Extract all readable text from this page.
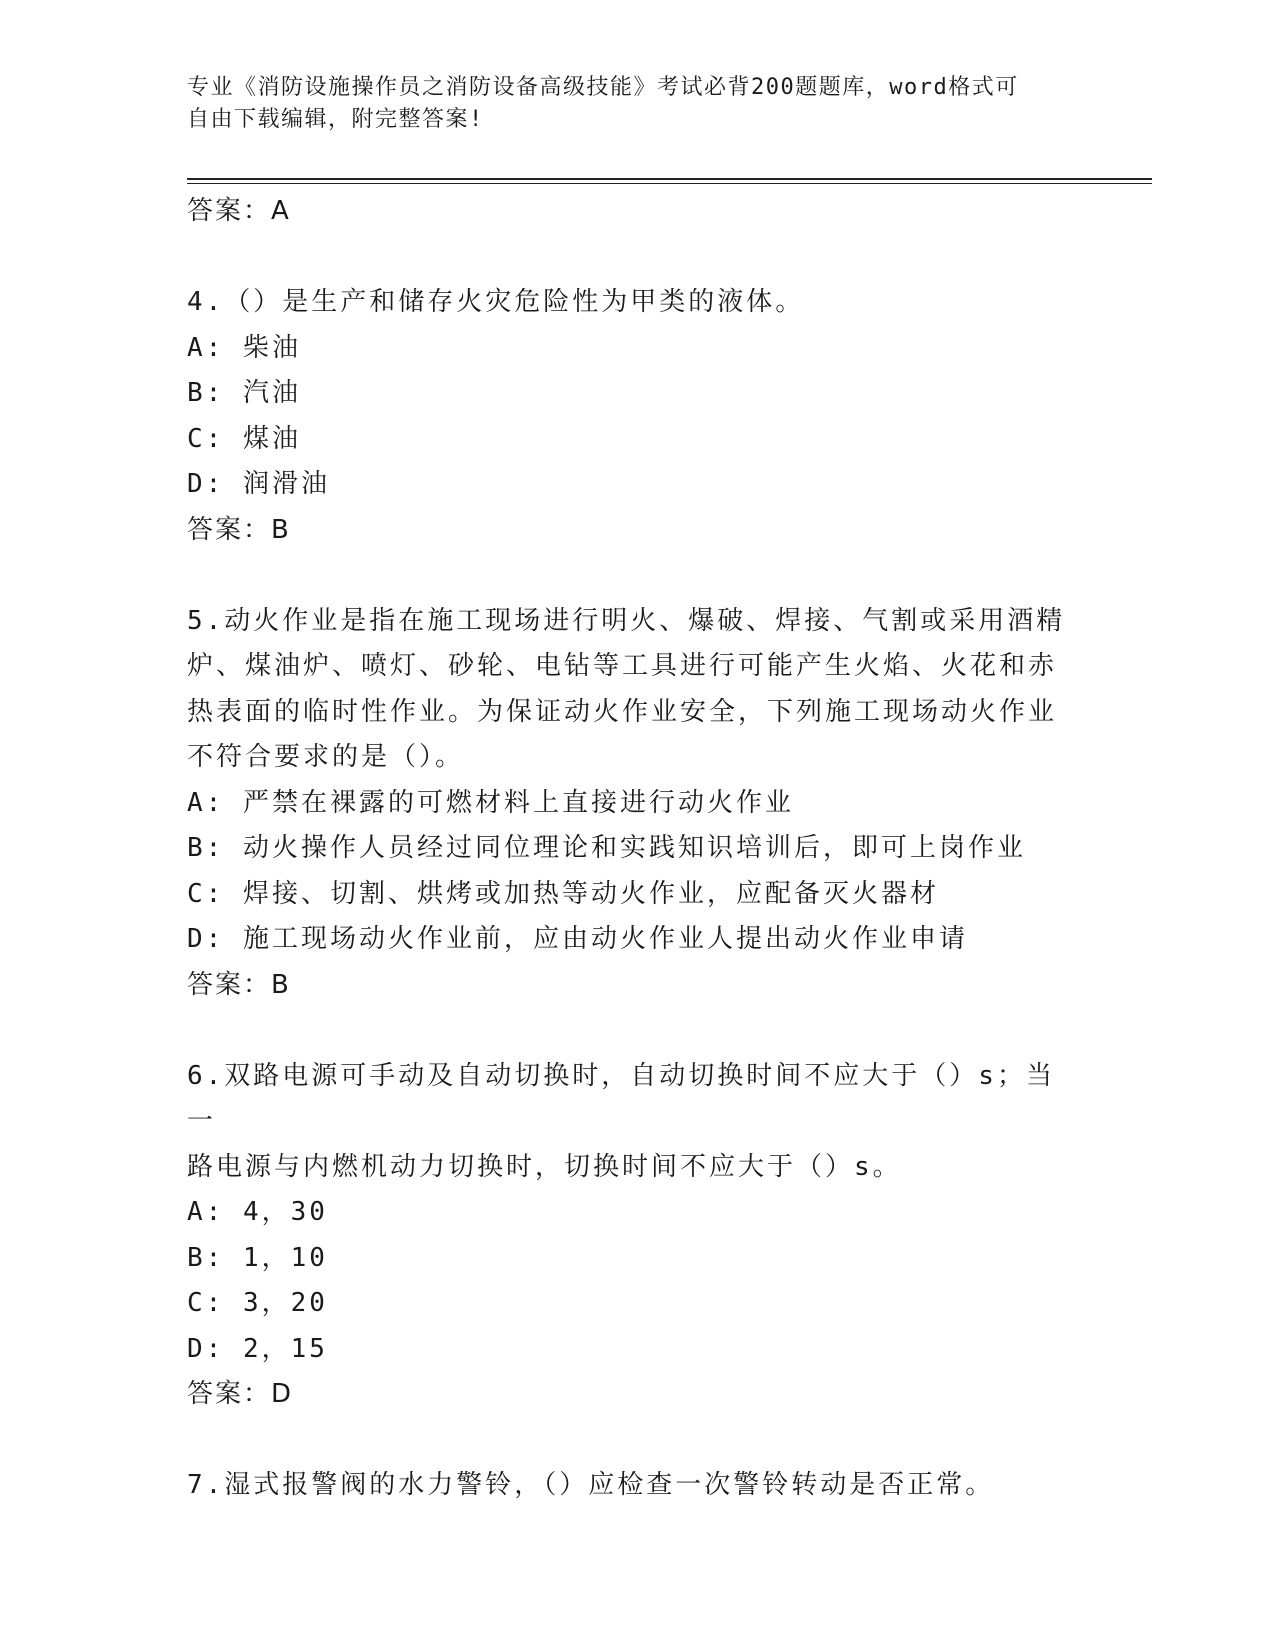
专业《消防设施操作员之消防设备高级技能》考试必背200题题库，word格式可
自由下载编辑，附完整答案!
答案：A
4.（）是生产和储存火灾危险性为甲类的液体。
A: 柴油
B: 汽油
C: 煤油
D: 润滑油
答案：B
5.动火作业是指在施工现场进行明火、爆破、焊接、气割或采用酒精
炉、煤油炉、喷灯、砂轮、电钻等工具进行可能产生火焰、火花和赤
热表面的临时性作业。为保证动火作业安全，下列施工现场动火作业
不符合要求的是（）。
A: 严禁在裸露的可燃材料上直接进行动火作业
B: 动火操作人员经过同位理论和实践知识培训后，即可上岗作业
C: 焊接、切割、烘烤或加热等动火作业，应配备灭火器材
D: 施工现场动火作业前，应由动火作业人提出动火作业申请
答案：B
6.双路电源可手动及自动切换时，自动切换时间不应大于（）s；当一
路电源与内燃机动力切换时，切换时间不应大于（）s。
A: 4，30
B: 1，10
C: 3，20
D: 2，15
答案：D
7.湿式报警阀的水力警铃，（）应检查一次警铃转动是否正常。
